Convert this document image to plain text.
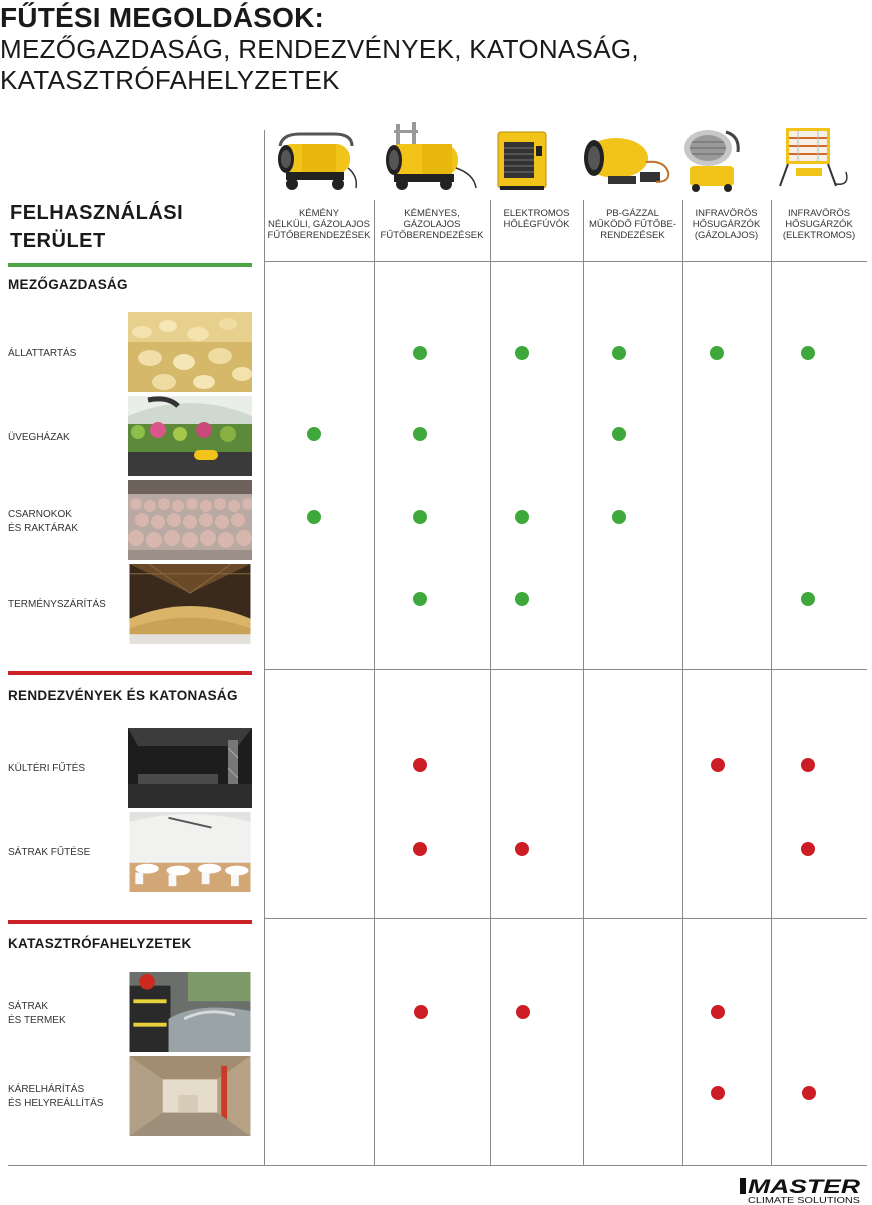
FŰTÉSI MEGOLDÁSOK:
MEZŐGAZDASÁG, RENDEZVÉNYEK, KATONASÁG,
KATASZTRÓFAHELYZETEK
KÉMÉNY
NÉLKÜLI, GÁZOLAJOS
FŰTŐBERENDEZÉSEK
KÉMÉNYES,
GÁZOLAJOS
FŰTŐBERENDEZÉSEK
ELEKTROMOS
HŐLÉGFÚVÓK
PB-GÁZZAL
MŰKÖDŐ FŰTŐBE-
RENDEZÉSEK
INFRAVÖRÖS
HŐSUGÁRZÓK
(GÁZOLAJOS)
INFRAVÖRÖS
HŐSUGÁRZÓK
(ELEKTROMOS)
FELHASZNÁLÁSI
TERÜLET
MEZŐGAZDASÁG
RENDEZVÉNYEK ÉS KATONASÁG
KATASZTRÓFAHELYZETEK
ÁLLATTARTÁS
ÜVEGHÁZAK
CSARNOKOK
ÉS RAKTÁRAK
TERMÉNYSZÁRÍTÁS
KÜLTÉRI FŰTÉS
SÁTRAK FŰTÉSE
SÁTRAK
ÉS TERMEK
KÁRELHÁRÍTÁS
ÉS HELYREÁLLÍTÁS
MASTER
CLIMATE SOLUTIONS
